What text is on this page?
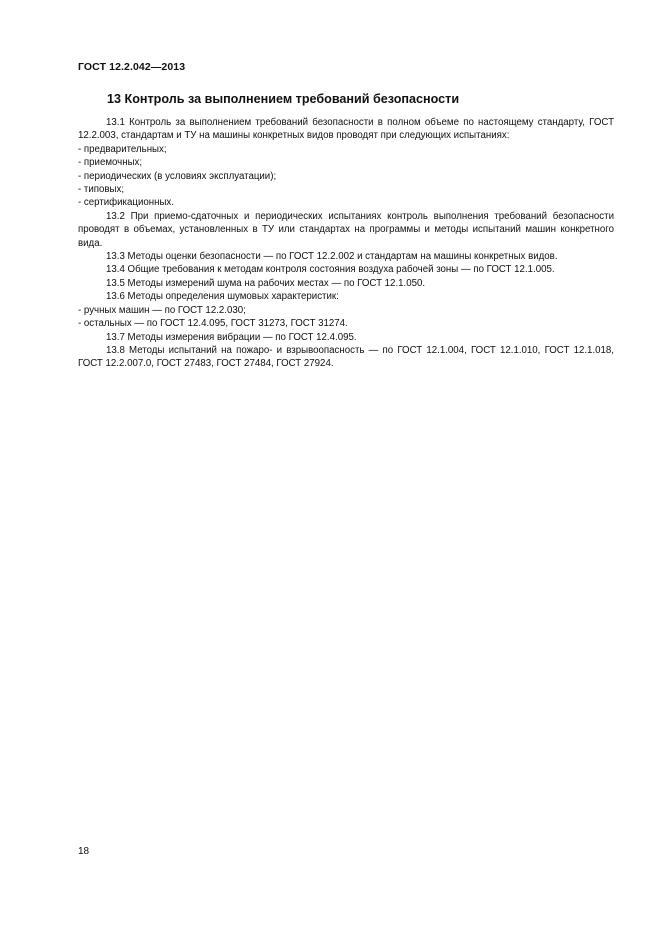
ГОСТ 12.2.042—2013
13 Контроль за выполнением требований безопасности

13.1 Контроль за выполнением требований безопасности в полном объеме по настоящему стандарту, ГОСТ 12.2.003, стандартам и ТУ на машины конкретных видов проводят при следующих испытаниях:

- предварительных;

- приемочных;

- периодических (в условиях эксплуатации);

- типовых;

- сертификационных.

13.2 При приемо-сдаточных и периодических испытаниях контроль выполнения требований безопасности проводят в объемах, установленных в ТУ или стандартах на программы и методы испытаний машин конкретного вида.

13.3 Методы оценки безопасности — по ГОСТ 12.2.002 и стандартам на машины конкретных видов.

13.4 Общие требования к методам контроля состояния воздуха рабочей зоны — по ГОСТ 12.1.005.

13.5 Методы измерений шума на рабочих местах — по ГОСТ 12.1.050.

13.6 Методы определения шумовых характеристик:

- ручных машин — по ГОСТ 12.2.030;

- остальных — по ГОСТ 12.4.095, ГОСТ 31273, ГОСТ 31274.

13.7 Методы измерения вибрации — по ГОСТ 12.4.095.

13.8 Методы испытаний на пожаро- и взрывоопасность — по ГОСТ 12.1.004, ГОСТ 12.1.010, ГОСТ 12.1.018, ГОСТ 12.2.007.0, ГОСТ 27483, ГОСТ 27484, ГОСТ 27924.

18
